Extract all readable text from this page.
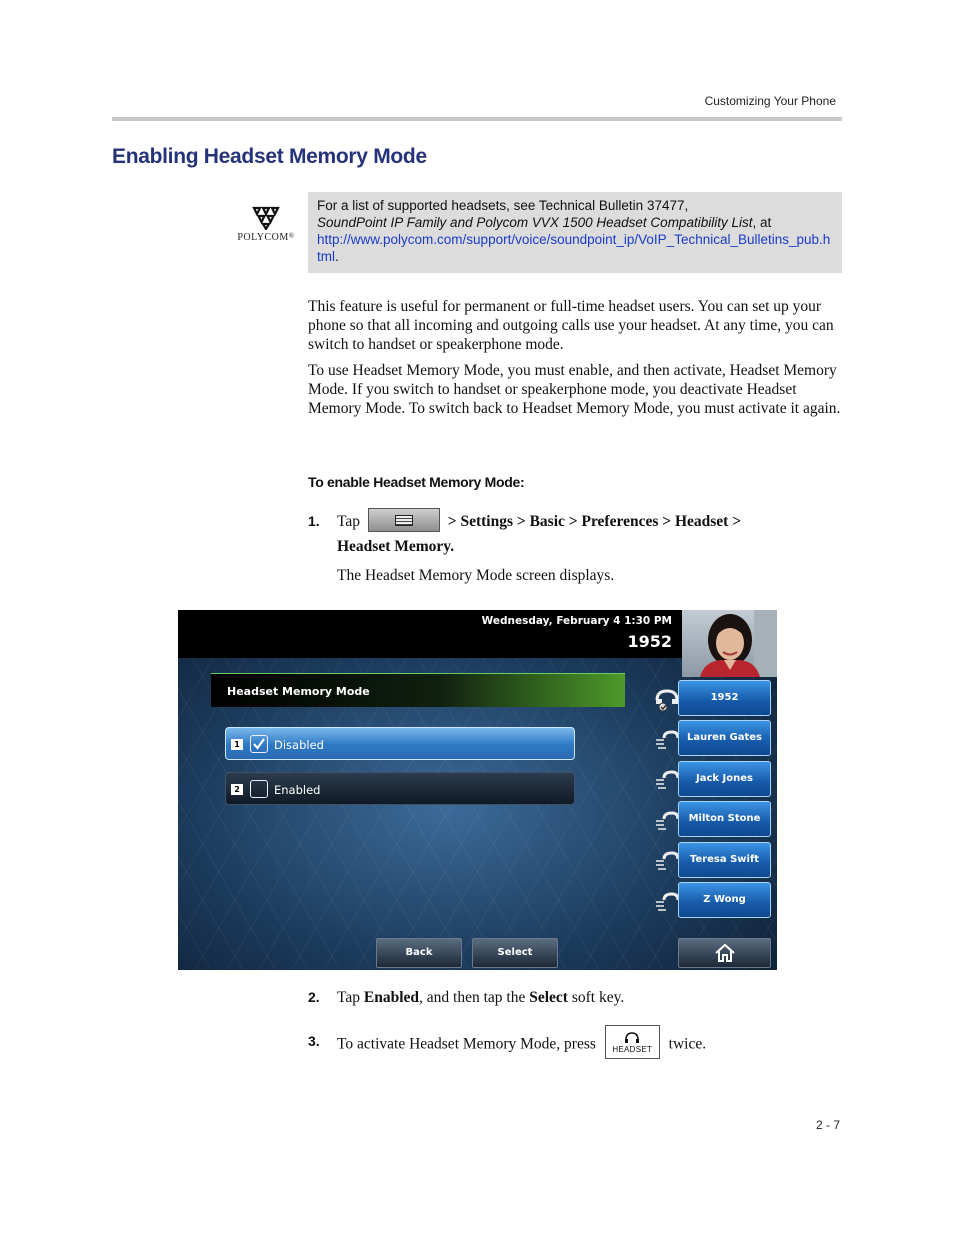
Customizing Your Phone
Enabling Headset Memory Mode
POLYCOM®
For a list of supported headsets, see Technical Bulletin 37477,
SoundPoint IP Family and Polycom VVX 1500 Headset Compatibility List, at
http://www.polycom.com/support/voice/soundpoint_ip/VoIP_Technical_Bulletins_pub.html.

This feature is useful for permanent or full-time headset users. You can set up your phone so that all incoming and outgoing calls use your headset. At any time, you can switch to handset or speakerphone mode.

To use Headset Memory Mode, you must enable, and then activate, Headset Memory Mode. If you switch to handset or speakerphone mode, you deactivate Headset Memory Mode. To switch back to Headset Memory Mode, you must activate it again.

To enable Headset Memory Mode:
1. Tap	> Settings > Basic > Preferences > Headset > Headset Memory.
The Headset Memory Mode screen displays.
Wednesday, February 4 1:30 PM
1952
Headset Memory Mode
1	Disabled
2	Enabled
1952
Lauren Gates
Jack Jones
Milton Stone
Teresa Swift
Z Wong
Back	Select
2. Tap Enabled, and then tap the Select soft key.
3. To activate Headset Memory Mode, press	HEADSET	twice.
2 - 7
